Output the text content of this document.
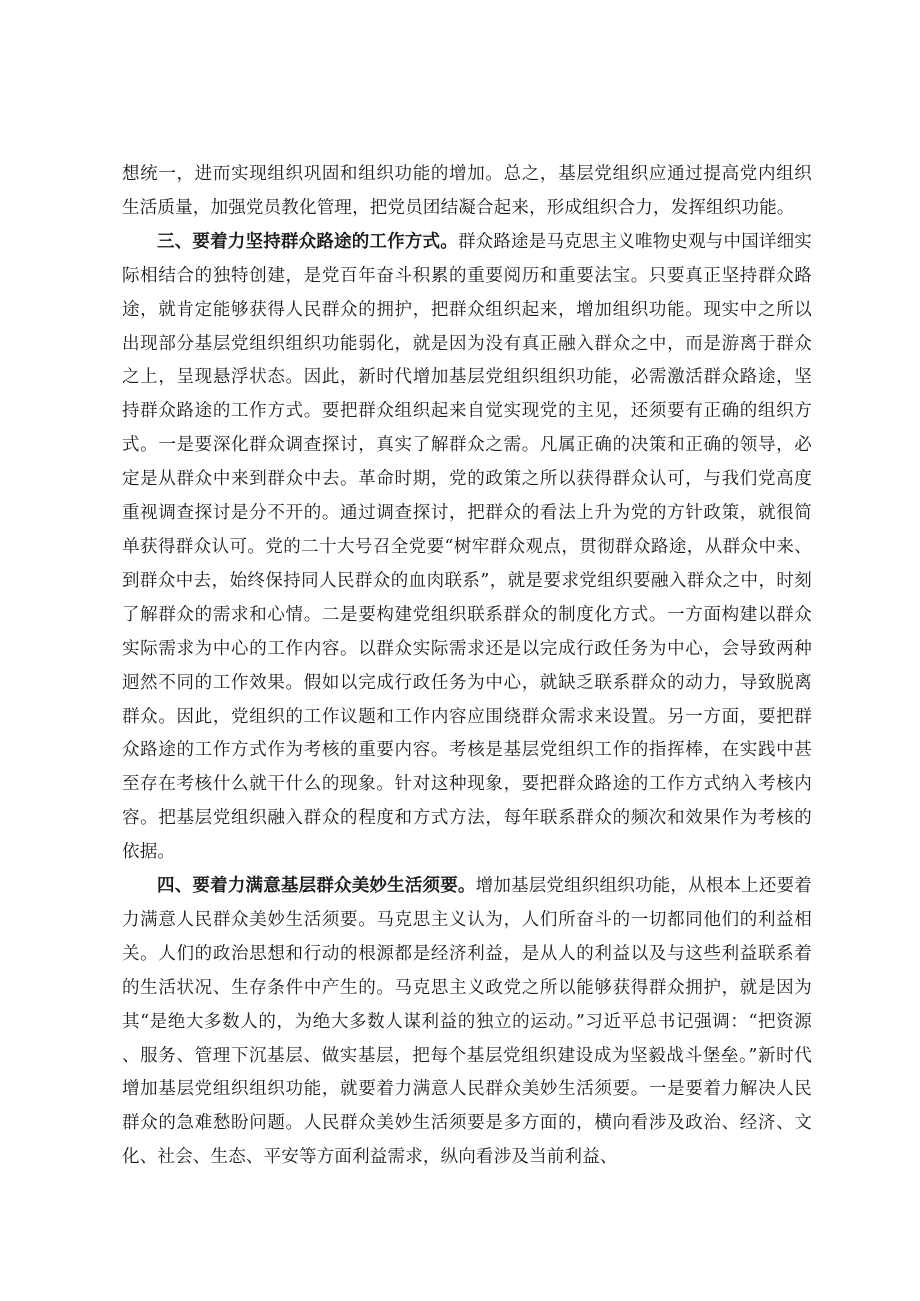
想统一，进而实现组织巩固和组织功能的增加。总之，基层党组织应通过提高党内组织生活质量，加强党员教化管理，把党员团结凝合起来，形成组织合力，发挥组织功能。

三、要着力坚持群众路途的工作方式。群众路途是马克思主义唯物史观与中国详细实际相结合的独特创建，是党百年奋斗积累的重要阅历和重要法宝。只要真正坚持群众路途，就肯定能够获得人民群众的拥护，把群众组织起来，增加组织功能。现实中之所以出现部分基层党组织组织功能弱化，就是因为没有真正融入群众之中，而是游离于群众之上，呈现悬浮状态。因此，新时代增加基层党组织组织功能，必需激活群众路途，坚持群众路途的工作方式。要把群众组织起来自觉实现党的主见，还须要有正确的组织方式。一是要深化群众调查探讨，真实了解群众之需。凡属正确的决策和正确的领导，必定是从群众中来到群众中去。革命时期，党的政策之所以获得群众认可，与我们党高度重视调查探讨是分不开的。通过调查探讨，把群众的看法上升为党的方针政策，就很简单获得群众认可。党的二十大号召全党要“树牢群众观点，贯彻群众路途，从群众中来、到群众中去，始终保持同人民群众的血肉联系”，就是要求党组织要融入群众之中，时刻了解群众的需求和心情。二是要构建党组织联系群众的制度化方式。一方面构建以群众实际需求为中心的工作内容。以群众实际需求还是以完成行政任务为中心，会导致两种迥然不同的工作效果。假如以完成行政任务为中心，就缺乏联系群众的动力，导致脱离群众。因此，党组织的工作议题和工作内容应围绕群众需求来设置。另一方面，要把群众路途的工作方式作为考核的重要内容。考核是基层党组织工作的指挥棒，在实践中甚至存在考核什么就干什么的现象。针对这种现象，要把群众路途的工作方式纳入考核内容。把基层党组织融入群众的程度和方式方法，每年联系群众的频次和效果作为考核的依据。

四、要着力满意基层群众美妙生活须要。增加基层党组织组织功能，从根本上还要着力满意人民群众美妙生活须要。马克思主义认为，人们所奋斗的一切都同他们的利益相关。人们的政治思想和行动的根源都是经济利益，是从人的利益以及与这些利益联系着的生活状况、生存条件中产生的。马克思主义政党之所以能够获得群众拥护，就是因为其“是绝大多数人的，为绝大多数人谋利益的独立的运动。”习近平总书记强调：“把资源、服务、管理下沉基层、做实基层，把每个基层党组织建设成为坚毅战斗堡垒。”新时代增加基层党组织组织功能，就要着力满意人民群众美妙生活须要。一是要着力解决人民群众的急难愁盼问题。人民群众美妙生活须要是多方面的，横向看涉及政治、经济、文化、社会、生态、平安等方面利益需求，纵向看涉及当前利益、
